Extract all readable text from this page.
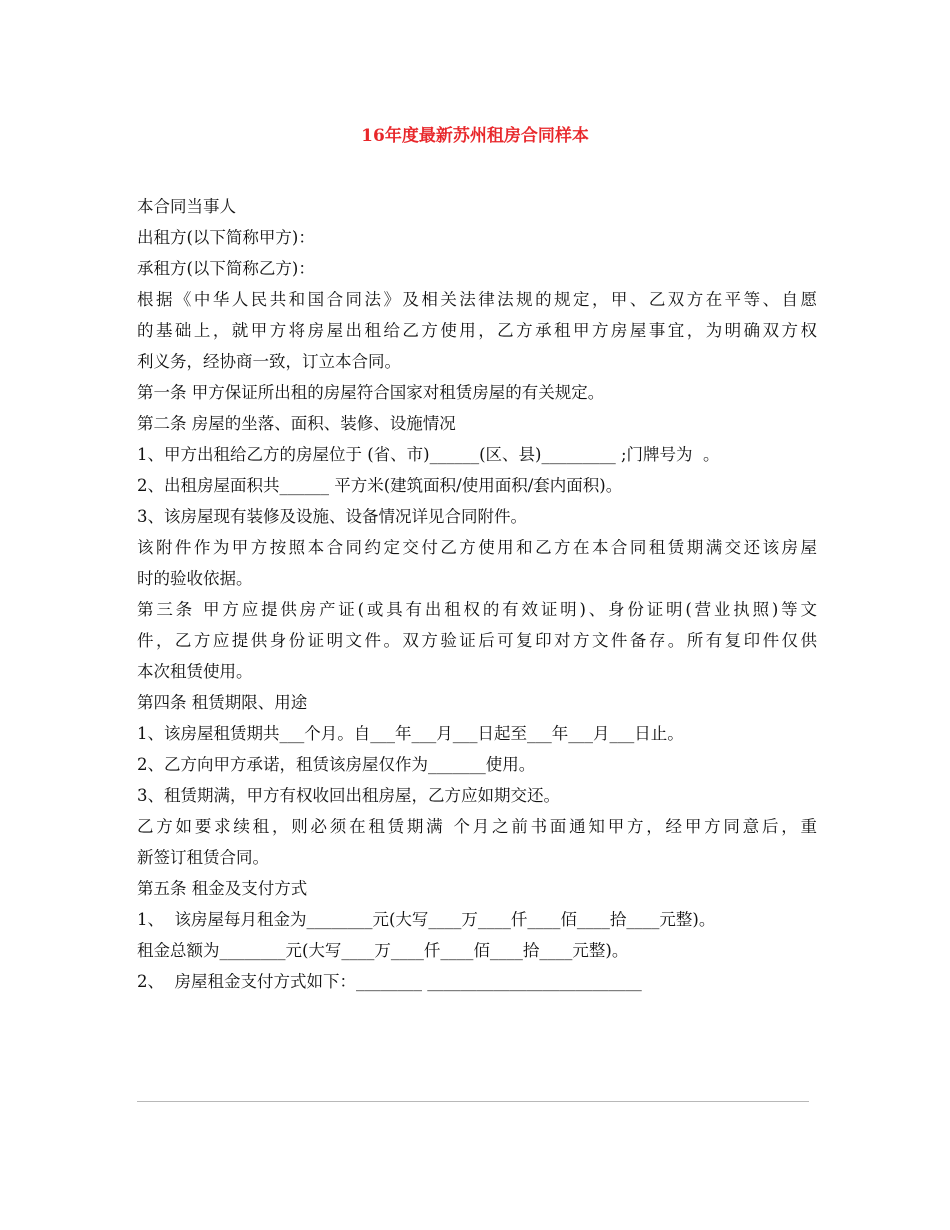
16年度最新苏州租房合同样本
本合同当事人
出租方(以下简称甲方)：
承租方(以下简称乙方)：
根据《中华人民共和国合同法》及相关法律法规的规定，甲、乙双方在平等、自愿
的基础上，就甲方将房屋出租给乙方使用，乙方承租甲方房屋事宜，为明确双方权
利义务，经协商一致，订立本合同。
第一条 甲方保证所出租的房屋符合国家对租赁房屋的有关规定。
第二条 房屋的坐落、面积、装修、设施情况
1、甲方出租给乙方的房屋位于 (省、市)______(区、县)_________ ;门牌号为  。
2、出租房屋面积共______ 平方米(建筑面积/使用面积/套内面积)。
3、该房屋现有装修及设施、设备情况详见合同附件。
该附件作为甲方按照本合同约定交付乙方使用和乙方在本合同租赁期满交还该房屋
时的验收依据。
第三条 甲方应提供房产证(或具有出租权的有效证明)、身份证明(营业执照)等文
件，乙方应提供身份证明文件。双方验证后可复印对方文件备存。所有复印件仅供
本次租赁使用。
第四条 租赁期限、用途
1、该房屋租赁期共___个月。自___年___月___日起至___年___月___日止。
2、乙方向甲方承诺，租赁该房屋仅作为_______使用。
3、租赁期满，甲方有权收回出租房屋，乙方应如期交还。
乙方如要求续租，则必须在租赁期满 个月之前书面通知甲方，经甲方同意后，重
新签订租赁合同。
第五条 租金及支付方式
1、  该房屋每月租金为________元(大写____万____仟____佰____拾____元整)。
租金总额为________元(大写____万____仟____佰____拾____元整)。
2、  房屋租金支付方式如下：________ __________________________
